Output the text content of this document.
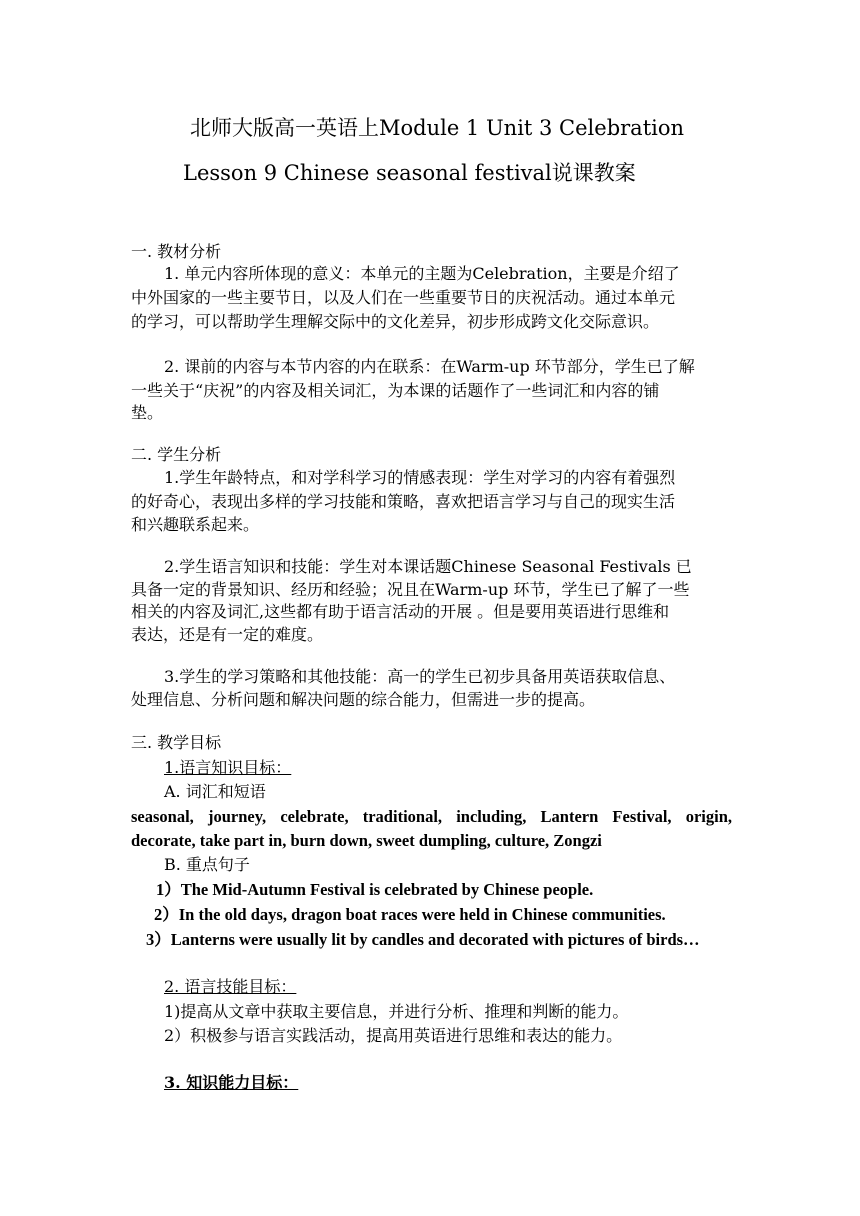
北师大版高一英语上Module 1 Unit 3 Celebration
Lesson 9 Chinese seasonal festival说课教案
一. 教材分析
1. 单元内容所体现的意义：本单元的主题为Celebration，主要是介绍了
中外国家的一些主要节日，以及人们在一些重要节日的庆祝活动。通过本单元
的学习，可以帮助学生理解交际中的文化差异，初步形成跨文化交际意识。
2. 课前的内容与本节内容的内在联系：在Warm-up 环节部分，学生已了解
一些关于“庆祝”的内容及相关词汇，为本课的话题作了一些词汇和内容的铺
垫。
二. 学生分析
1.学生年龄特点，和对学科学习的情感表现：学生对学习的内容有着强烈
的好奇心，表现出多样的学习技能和策略，喜欢把语言学习与自己的现实生活
和兴趣联系起来。
2.学生语言知识和技能：学生对本课话题Chinese Seasonal Festivals 已
具备一定的背景知识、经历和经验；况且在Warm-up 环节，学生已了解了一些
相关的内容及词汇,这些都有助于语言活动的开展 。但是要用英语进行思维和
表达，还是有一定的难度。
3.学生的学习策略和其他技能：高一的学生已初步具备用英语获取信息、
处理信息、分析问题和解决问题的综合能力，但需进一步的提高。
三. 教学目标
1.语言知识目标：
A. 词汇和短语
seasonal, journey, celebrate, traditional, including, Lantern Festival, origin,
decorate, take part in, burn down, sweet dumpling, culture, Zongzi
B. 重点句子
1）The Mid-Autumn Festival is celebrated by Chinese people.
2）In the old days, dragon boat races were held in Chinese communities.
3）Lanterns were usually lit by candles and decorated with pictures of birds…
2. 语言技能目标：
1)提高从文章中获取主要信息，并进行分析、推理和判断的能力。
2）积极参与语言实践活动，提高用英语进行思维和表达的能力。
3. 知识能力目标：
